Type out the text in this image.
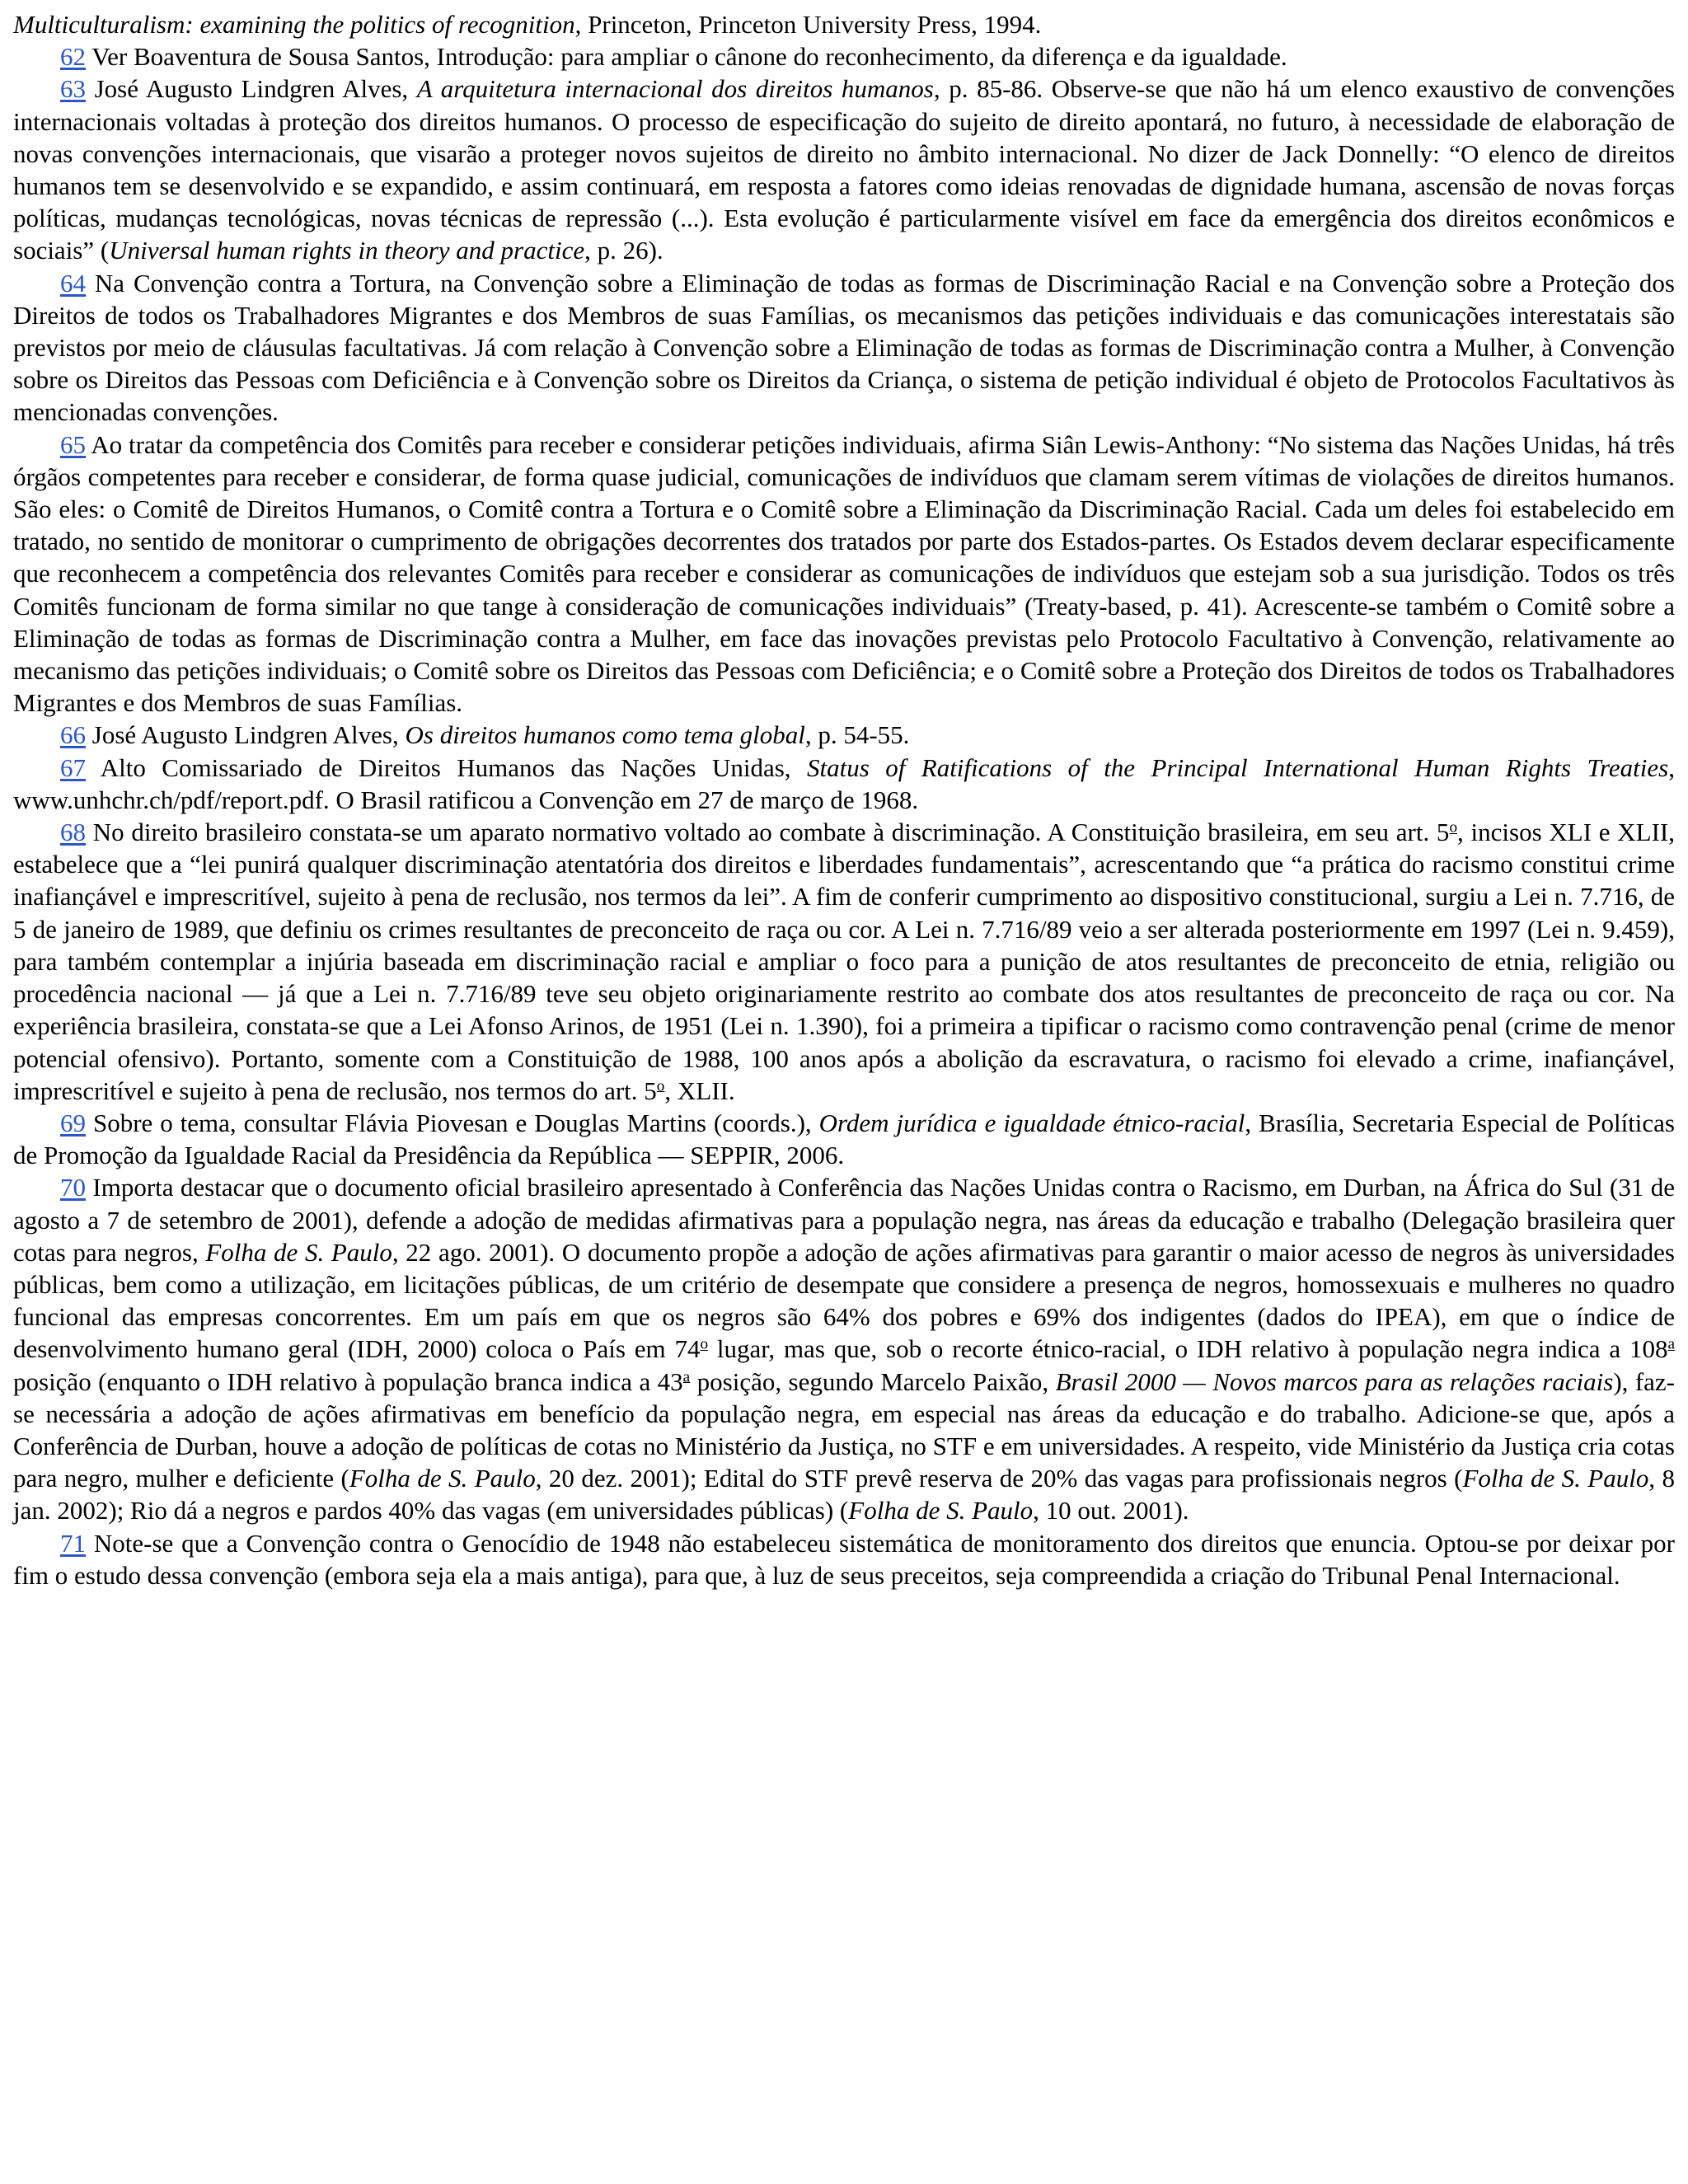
Multiculturalism: examining the politics of recognition, Princeton, Princeton University Press, 1994.

62 Ver Boaventura de Sousa Santos, Introdução: para ampliar o cânone do reconhecimento, da diferença e da igualdade.

63 José Augusto Lindgren Alves, A arquitetura internacional dos direitos humanos, p. 85-86. Observe-se que não há um elenco exaustivo de convenções internacionais voltadas à proteção dos direitos humanos. O processo de especificação do sujeito de direito apontará, no futuro, à necessidade de elaboração de novas convenções internacionais, que visarão a proteger novos sujeitos de direito no âmbito internacional. No dizer de Jack Donnelly: “O elenco de direitos humanos tem se desenvolvido e se expandido, e assim continuará, em resposta a fatores como ideias renovadas de dignidade humana, ascensão de novas forças políticas, mudanças tecnológicas, novas técnicas de repressão (...). Esta evolução é particularmente visível em face da emergência dos direitos econômicos e sociais” (Universal human rights in theory and practice, p. 26).

64 Na Convenção contra a Tortura, na Convenção sobre a Eliminação de todas as formas de Discriminação Racial e na Convenção sobre a Proteção dos Direitos de todos os Trabalhadores Migrantes e dos Membros de suas Famílias, os mecanismos das petições individuais e das comunicações interestatais são previstos por meio de cláusulas facultativas. Já com relação à Convenção sobre a Eliminação de todas as formas de Discriminação contra a Mulher, à Convenção sobre os Direitos das Pessoas com Deficiência e à Convenção sobre os Direitos da Criança, o sistema de petição individual é objeto de Protocolos Facultativos às mencionadas convenções.

65 Ao tratar da competência dos Comitês para receber e considerar petições individuais, afirma Siân Lewis-Anthony: “No sistema das Nações Unidas, há três órgãos competentes para receber e considerar, de forma quase judicial, comunicações de indivíduos que clamam serem vítimas de violações de direitos humanos. São eles: o Comitê de Direitos Humanos, o Comitê contra a Tortura e o Comitê sobre a Eliminação da Discriminação Racial. Cada um deles foi estabelecido em tratado, no sentido de monitorar o cumprimento de obrigações decorrentes dos tratados por parte dos Estados-partes. Os Estados devem declarar especificamente que reconhecem a competência dos relevantes Comitês para receber e considerar as comunicações de indivíduos que estejam sob a sua jurisdição. Todos os três Comitês funcionam de forma similar no que tange à consideração de comunicações individuais” (Treaty-based, p. 41). Acrescente-se também o Comitê sobre a Eliminação de todas as formas de Discriminação contra a Mulher, em face das inovações previstas pelo Protocolo Facultativo à Convenção, relativamente ao mecanismo das petições individuais; o Comitê sobre os Direitos das Pessoas com Deficiência; e o Comitê sobre a Proteção dos Direitos de todos os Trabalhadores Migrantes e dos Membros de suas Famílias.

66 José Augusto Lindgren Alves, Os direitos humanos como tema global, p. 54-55.

67 Alto Comissariado de Direitos Humanos das Nações Unidas, Status of Ratifications of the Principal International Human Rights Treaties, www.unhchr.ch/pdf/report.pdf. O Brasil ratificou a Convenção em 27 de março de 1968.

68 No direito brasileiro constata-se um aparato normativo voltado ao combate à discriminação. A Constituição brasileira, em seu art. 5$^o$, incisos XLI e XLII, estabelece que a “lei punirá qualquer discriminação atentatória dos direitos e liberdades fundamentais”, acrescentando que “a prática do racismo constitui crime inafiançável e imprescritível, sujeito à pena de reclusão, nos termos da lei”. A fim de conferir cumprimento ao dispositivo constitucional, surgiu a Lei n. 7.716, de 5 de janeiro de 1989, que definiu os crimes resultantes de preconceito de raça ou cor. A Lei n. 7.716/89 veio a ser alterada posteriormente em 1997 (Lei n. 9.459), para também contemplar a injúria baseada em discriminação racial e ampliar o foco para a punição de atos resultantes de preconceito de etnia, religião ou procedência nacional — já que a Lei n. 7.716/89 teve seu objeto originariamente restrito ao combate dos atos resultantes de preconceito de raça ou cor. Na experiência brasileira, constata-se que a Lei Afonso Arinos, de 1951 (Lei n. 1.390), foi a primeira a tipificar o racismo como contravenção penal (crime de menor potencial ofensivo). Portanto, somente com a Constituição de 1988, 100 anos após a abolição da escravatura, o racismo foi elevado a crime, inafiançável, imprescritível e sujeito à pena de reclusão, nos termos do art. 5$^o$, XLII.

69 Sobre o tema, consultar Flávia Piovesan e Douglas Martins (coords.), Ordem jurídica e igualdade étnico-racial, Brasília, Secretaria Especial de Políticas de Promoção da Igualdade Racial da Presidência da República — SEPPIR, 2006.

70 Importa destacar que o documento oficial brasileiro apresentado à Conferência das Nações Unidas contra o Racismo, em Durban, na África do Sul (31 de agosto a 7 de setembro de 2001), defende a adoção de medidas afirmativas para a população negra, nas áreas da educação e trabalho (Delegação brasileira quer cotas para negros, Folha de S. Paulo, 22 ago. 2001). O documento propõe a adoção de ações afirmativas para garantir o maior acesso de negros às universidades públicas, bem como a utilização, em licitações públicas, de um critério de desempate que considere a presença de negros, homossexuais e mulheres no quadro funcional das empresas concorrentes. Em um país em que os negros são 64% dos pobres e 69% dos indigentes (dados do IPEA), em que o índice de desenvolvimento humano geral (IDH, 2000) coloca o País em 74$^o$ lugar, mas que, sob o recorte étnico-racial, o IDH relativo à população negra indica a 108$^a$ posição (enquanto o IDH relativo à população branca indica a 43$^a$ posição, segundo Marcelo Paixão, Brasil 2000 — Novos marcos para as relações raciais), faz-se necessária a adoção de ações afirmativas em benefício da população negra, em especial nas áreas da educação e do trabalho. Adicione-se que, após a Conferência de Durban, houve a adoção de políticas de cotas no Ministério da Justiça, no STF e em universidades. A respeito, vide Ministério da Justiça cria cotas para negro, mulher e deficiente (Folha de S. Paulo, 20 dez. 2001); Edital do STF prevê reserva de 20% das vagas para profissionais negros (Folha de S. Paulo, 8 jan. 2002); Rio dá a negros e pardos 40% das vagas (em universidades públicas) (Folha de S. Paulo, 10 out. 2001).

71 Note-se que a Convenção contra o Genocídio de 1948 não estabeleceu sistemática de monitoramento dos direitos que enuncia. Optou-se por deixar por fim o estudo dessa convenção (embora seja ela a mais antiga), para que, à luz de seus preceitos, seja compreendida a criação do Tribunal Penal Internacional.
